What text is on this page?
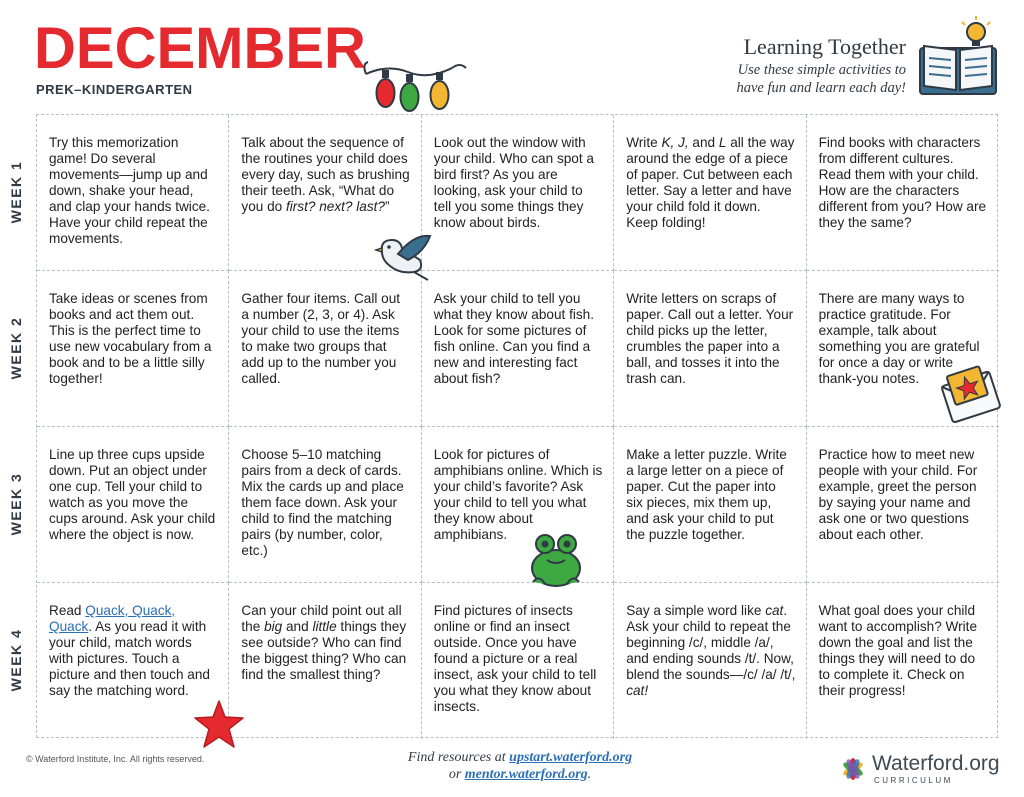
DECEMBER
PREK–KINDERGARTEN
Learning Together
Use these simple activities to
have fun and learn each day!
Try this memorization game! Do several movements—jump up and down, shake your head, and clap your hands twice. Have your child repeat the movements.
Talk about the sequence of the routines your child does every day, such as brushing their teeth. Ask, “What do you do first? next? last?”
Look out the window with your child. Who can spot a bird first? As you are looking, ask your child to tell you some things they know about birds.
Write K, J, and L all the way around the edge of a piece of paper. Cut between each letter. Say a letter and have your child fold it down. Keep folding!
Find books with characters from different cultures. Read them with your child. How are the characters different from you? How are they the same?
Take ideas or scenes from books and act them out. This is the perfect time to use new vocabulary from a book and to be a little silly together!
Gather four items. Call out a number (2, 3, or 4). Ask your child to use the items to make two groups that add up to the number you called.
Ask your child to tell you what they know about fish. Look for some pictures of fish online. Can you find a new and interesting fact about fish?
Write letters on scraps of paper. Call out a letter. Your child picks up the letter, crumbles the paper into a ball, and tosses it into the trash can.
There are many ways to practice gratitude. For example, talk about something you are grateful for once a day or write thank-you notes.
Line up three cups upside down. Put an object under one cup. Tell your child to watch as you move the cups around. Ask your child where the object is now.
Choose 5–10 matching pairs from a deck of cards. Mix the cards up and place them face down. Ask your child to find the matching pairs (by number, color, etc.)
Look for pictures of amphibians online. Which is your child’s favorite? Ask your child to tell you what they know about amphibians.
Make a letter puzzle. Write a large letter on a piece of paper. Cut the paper into six pieces, mix them up, and ask your child to put the puzzle together.
Practice how to meet new people with your child. For example, greet the person by saying your name and ask one or two questions about each other.
Read Quack, Quack, Quack. As you read it with your child, match words with pictures. Touch a picture and then touch and say the matching word.
Can your child point out all the big and little things they see outside? Who can find the biggest thing? Who can find the smallest thing?
Find pictures of insects online or find an insect outside. Once you have found a picture or a real insect, ask your child to tell you what they know about insects.
Say a simple word like cat. Ask your child to repeat the beginning /c/, middle /a/, and ending sounds /t/. Now, blend the sounds—/c/ /a/ /t/, cat!
What goal does your child want to accomplish? Write down the goal and list the things they will need to do to complete it. Check on their progress!
WEEK 1
WEEK 2
WEEK 3
WEEK 4
© Waterford Institute, Inc. All rights reserved.	Find resources at upstart.waterford.org
or mentor.waterford.org.	Waterford.org
CURRICULUM
